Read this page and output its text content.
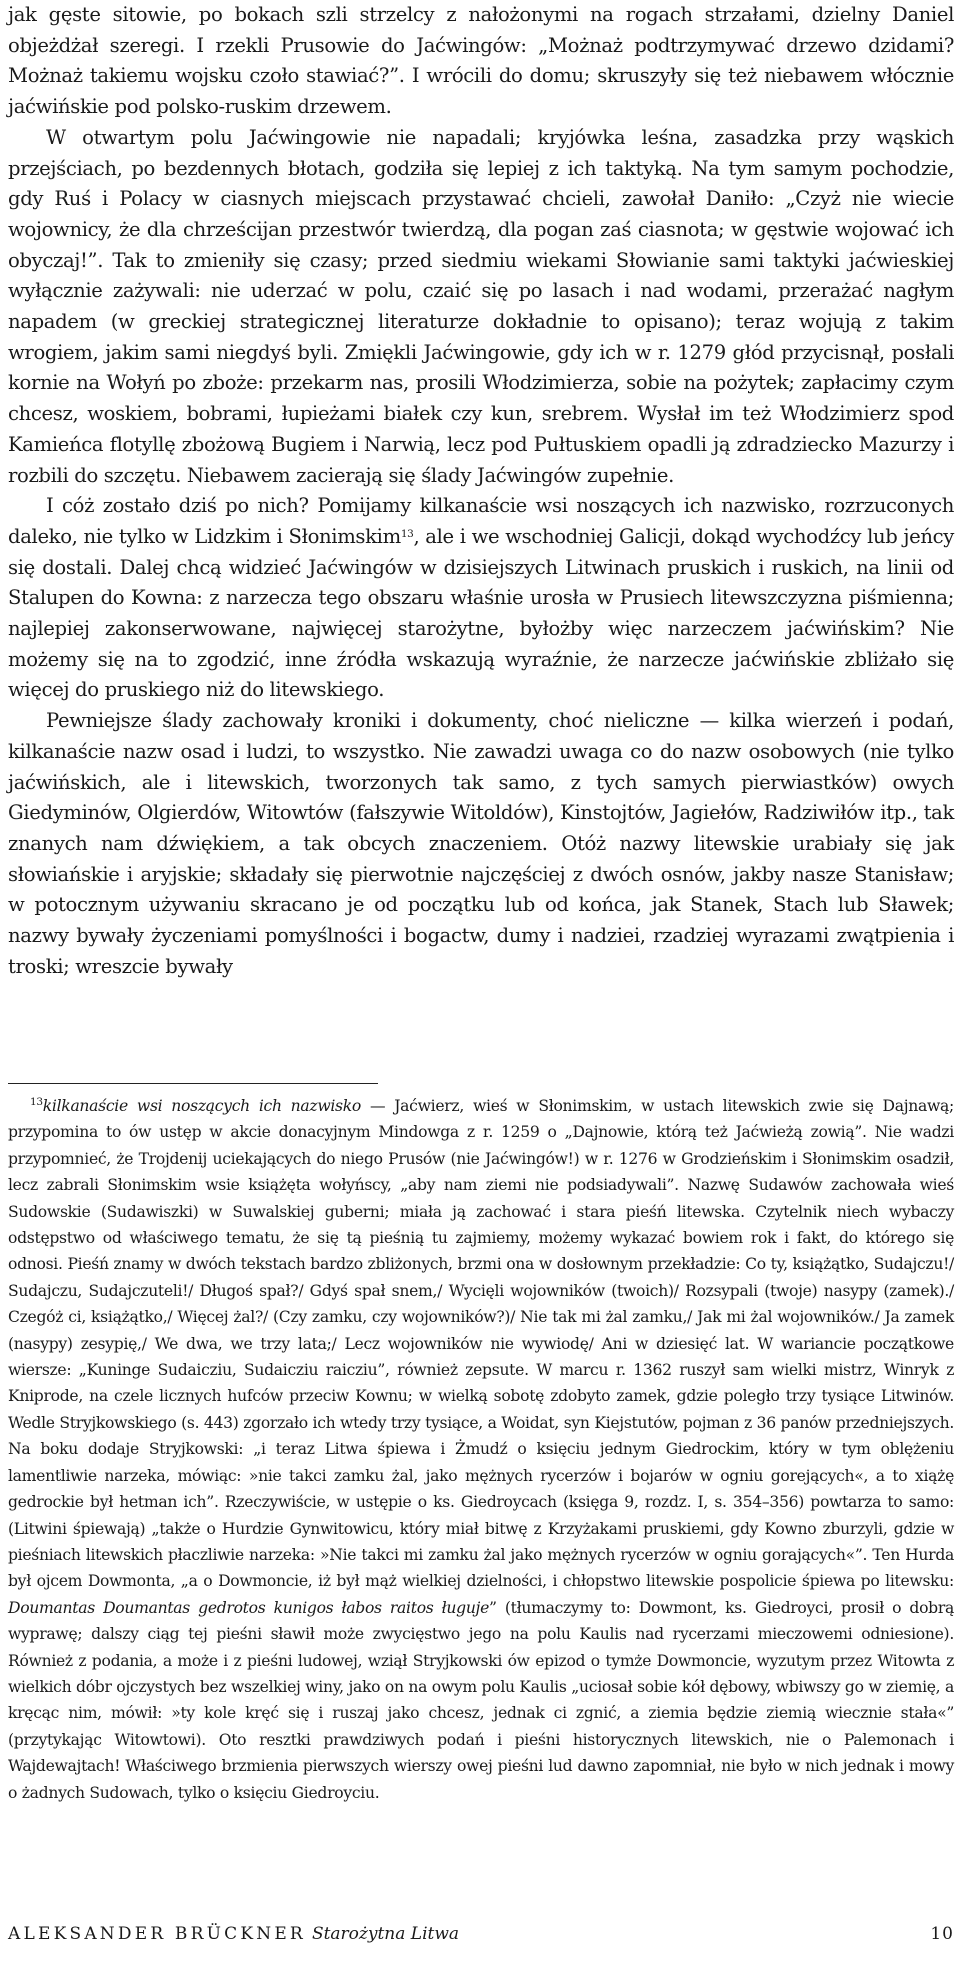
jak gęste sitowie, po bokach szli strzelcy z nałożonymi na rogach strzałami, dzielny Daniel objeżdżał szeregi. I rzekli Prusowie do Jaćwingów: „Możnaż podtrzymywać drzewo dzidami? Możnaż takiemu wojsku czoło stawiać?”. I wrócili do domu; skruszyły się też niebawem włócznie jaćwińskie pod polsko-ruskim drzewem.

W otwartym polu Jaćwingowie nie napadali; kryjówka leśna, zasadzka przy wąskich przejściach, po bezdennych błotach, godziła się lepiej z ich taktyką. Na tym samym pochodzie, gdy Ruś i Polacy w ciasnych miejscach przystawać chcieli, zawołał Daniło: „Czyż nie wiecie wojownicy, że dla chrześcijan przestwór twierdzą, dla pogan zaś ciasnota; w gęstwie wojować ich obyczaj!”. Tak to zmieniły się czasy; przed siedmiu wiekami Słowianie sami taktyki jaćwieskiej wyłącznie zażywali: nie uderzać w polu, czaić się po lasach i nad wodami, przerażać nagłym napadem (w greckiej strategicznej literaturze dokładnie to opisano); teraz wojują z takim wrogiem, jakim sami niegdyś byli. Zmiękli Jaćwingowie, gdy ich w r. 1279 głód przycisnął, posłali kornie na Wołyń po zboże: przekarm nas, prosili Włodzimierza, sobie na pożytek; zapłacimy czym chcesz, woskiem, bobrami, łupieżami białek czy kun, srebrem. Wysłał im też Włodzimierz spod Kamieńca flotyllę zbożową Bugiem i Narwią, lecz pod Pułtuskiem opadli ją zdradziecko Mazurzy i rozbili do szczętu. Niebawem zacierają się ślady Jaćwingów zupełnie.

I cóż zostało dziś po nich? Pomijamy kilkanaście wsi noszących ich nazwisko, rozrzuconych daleko, nie tylko w Lidzkim i Słonimskim$^{13}$, ale i we wschodniej Galicji, dokąd wychodźcy lub jeńcy się dostali. Dalej chcą widzieć Jaćwingów w dzisiejszych Litwinach pruskich i ruskich, na linii od Stalupen do Kowna: z narzecza tego obszaru właśnie urosła w Prusiech litewszczyzna piśmienna; najlepiej zakonserwowane, najwięcej starożytne, byłożby więc narzeczem jaćwińskim? Nie możemy się na to zgodzić, inne źródła wskazują wyraźnie, że narzecze jaćwińskie zbliżało się więcej do pruskiego niż do litewskiego.

Pewniejsze ślady zachowały kroniki i dokumenty, choć nieliczne — kilka wierzeń i podań, kilkanaście nazw osad i ludzi, to wszystko. Nie zawadzi uwaga co do nazw osobowych (nie tylko jaćwińskich, ale i litewskich, tworzonych tak samo, z tych samych pierwiastków) owych Giedyminów, Olgierdów, Witowtów (fałszywie Witoldów), Kinstojtów, Jagiełów, Radziwiłów itp., tak znanych nam dźwiękiem, a tak obcych znaczeniem. Otóż nazwy litewskie urabiały się jak słowiańskie i aryjskie; składały się pierwotnie najczęściej z dwóch osnów, jakby nasze Stanisław; w potocznym używaniu skracano je od początku lub od końca, jak Stanek, Stach lub Sławek; nazwy bywały życzeniami pomyślności i bogactw, dumy i nadziei, rzadziej wyrazami zwątpienia i troski; wreszcie bywały

$^{13}$kilkanaście wsi noszących ich nazwisko — Jaćwierz, wieś w Słonimskim, w ustach litewskich zwie się Dajnawą; przypomina to ów ustęp w akcie donacyjnym Mindowga z r. 1259 o „Dajnowie, którą też Jaćwieżą zowią”. Nie wadzi przypomnieć, że Trojdenij uciekających do niego Prusów (nie Jaćwingów!) w r. 1276 w Grodzieńskim i Słonimskim osadził, lecz zabrali Słonimskim wsie książęta wołyńscy, „aby nam ziemi nie podsiadywali”. Nazwę Sudawów zachowała wieś Sudowskie (Sudawiszki) w Suwalskiej guberni; miała ją zachować i stara pieśń litewska. Czytelnik niech wybaczy odstępstwo od właściwego tematu, że się tą pieśnią tu zajmiemy, możemy wykazać bowiem rok i fakt, do którego się odnosi. Pieśń znamy w dwóch tekstach bardzo zbliżonych, brzmi ona w dosłownym przekładzie: Co ty, książątko, Sudajczu!/ Sudajczu, Sudajczuteli!/ Długoś spał?/ Gdyś spał snem,/ Wycięli wojowników (twoich)/ Rozsypali (twoje) nasypy (zamek)./ Czegóż ci, książątko,/ Więcej żal?/ (Czy zamku, czy wojowników?)/ Nie tak mi żal zamku,/ Jak mi żal wojowników./ Ja zamek (nasypy) zesypię,/ We dwa, we trzy lata;/ Lecz wojowników nie wywiodę/ Ani w dziesięć lat. W wariancie początkowe wiersze: „Kuninge Sudaicziu, Sudaicziu raicziu”, również zepsute. W marcu r. 1362 ruszył sam wielki mistrz, Winryk z Kniprode, na czele licznych hufców przeciw Kownu; w wielką sobotę zdobyto zamek, gdzie poległo trzy tysiące Litwinów. Wedle Stryjkowskiego (s. 443) zgorzało ich wtedy trzy tysiące, a Woidat, syn Kiejstutów, pojman z 36 panów przedniejszych. Na boku dodaje Stryjkowski: „i teraz Litwa śpiewa i Żmudź o księciu jednym Giedrockim, który w tym oblężeniu lamentliwie narzeka, mówiąc: »nie takci zamku żal, jako mężnych rycerzów i bojarów w ogniu gorejących«, a to xiążę gedrockie był hetman ich”. Rzeczywiście, w ustępie o ks. Giedroycach (księga 9, rozdz. I, s. 354–356) powtarza to samo: (Litwini śpiewają) „także o Hurdzie Gynwitowicu, który miał bitwę z Krzyżakami pruskiemi, gdy Kowno zburzyli, gdzie w pieśniach litewskich płaczliwie narzeka: »Nie takci mi zamku żal jako mężnych rycerzów w ogniu gorających«”. Ten Hurda był ojcem Dowmonta, „a o Dowmoncie, iż był mąż wielkiej dzielności, i chłopstwo litewskie pospolicie śpiewa po litewsku: Doumantas Doumantas gedrotos kunigos łabos raitos ługuje” (tłumaczymy to: Dowmont, ks. Giedroyci, prosił o dobrą wyprawę; dalszy ciąg tej pieśni sławił może zwycięstwo jego na polu Kaulis nad rycerzami mieczowemi odniesione). Również z podania, a może i z pieśni ludowej, wziął Stryjkowski ów epizod o tymże Dowmoncie, wyzutym przez Witowta z wielkich dóbr ojczystych bez wszelkiej winy, jako on na owym polu Kaulis „uciosał sobie kół dębowy, wbiwszy go w ziemię, a kręcąc nim, mówił: »ty kole kręć się i ruszaj jako chcesz, jednak ci zgnić, a ziemia będzie ziemią wiecznie stała«” (przytykając Witowtowi). Oto resztki prawdziwych podań i pieśni historycznych litewskich, nie o Palemonach i Wajdewajtach! Właściwego brzmienia pierwszych wierszy owej pieśni lud dawno zapomniał, nie było w nich jednak i mowy o żadnych Sudowach, tylko o księciu Giedroyciu.

ALEKSANDER BRÜCKNER Starożytna Litwa	10
